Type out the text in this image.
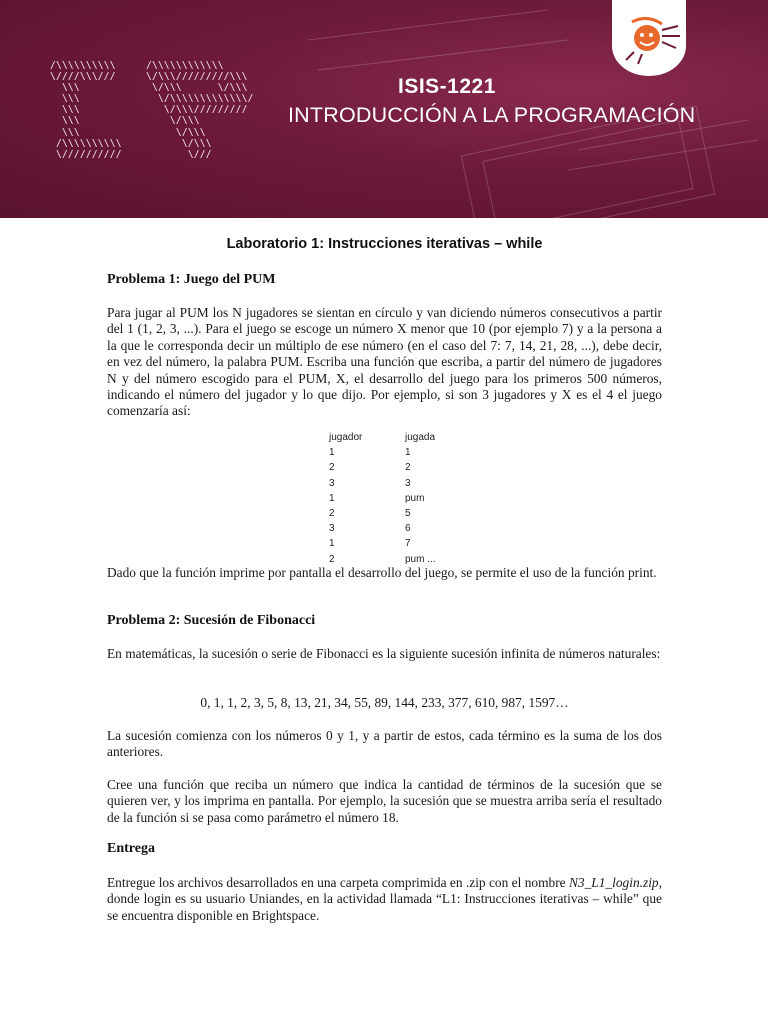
/\\\\\\\\\\
\////\\\///
\\\
\\\
\\\
\\\
\\\
/\\\\\\\\\\
\//////////
/\\\\\\\\\\\\
\/\\\/////////\\\
\/\\\      \/\\\
\/\\\\\\\\\\\\\/
\/\\\/////////
\/\\\
\/\\\
\/\\\
\///
ISIS-1221
INTRODUCCIÓN A LA PROGRAMACIÓN
Laboratorio 1: Instrucciones iterativas – while
Problema 1: Juego del PUM

Para jugar al PUM los N jugadores se sientan en círculo y van diciendo números consecutivos a partir del 1 (1, 2, 3, ...). Para el juego se escoge un número X menor que 10 (por ejemplo 7) y a la persona a la que le corresponda decir un múltiplo de ese número (en el caso del 7: 7, 14, 21, 28, ...), debe decir, en vez del número, la palabra PUM. Escriba una función que escriba, a partir del número de jugadores N y del número escogido para el PUM, X, el desarrollo del juego para los primeros 500 números, indicando el número del jugador y lo que dijo. Por ejemplo, si son 3 jugadores y X es el 4 el juego comenzaría así:

jugador	jugada
1	1
2	2
3	3
1	pum
2	5
3	6
1	7
2	pum ...

Dado que la función imprime por pantalla el desarrollo del juego, se permite el uso de la función print.

Problema 2: Sucesión de Fibonacci

En matemáticas, la sucesión o serie de Fibonacci es la siguiente sucesión infinita de números naturales:

0, 1, 1, 2, 3, 5, 8, 13, 21, 34, 55, 89, 144, 233, 377, 610, 987, 1597…

La sucesión comienza con los números 0 y 1, y a partir de estos, cada término es la suma de los dos anteriores.

Cree una función que reciba un número que indica la cantidad de términos de la sucesión que se quieren ver, y los imprima en pantalla. Por ejemplo, la sucesión que se muestra arriba sería el resultado de la función si se pasa como parámetro el número 18.

Entrega

Entregue los archivos desarrollados en una carpeta comprimida en .zip con el nombre N3_L1_login.zip, donde login es su usuario Uniandes, en la actividad llamada “L1: Instrucciones iterativas – while” que se encuentra disponible en Brightspace.
